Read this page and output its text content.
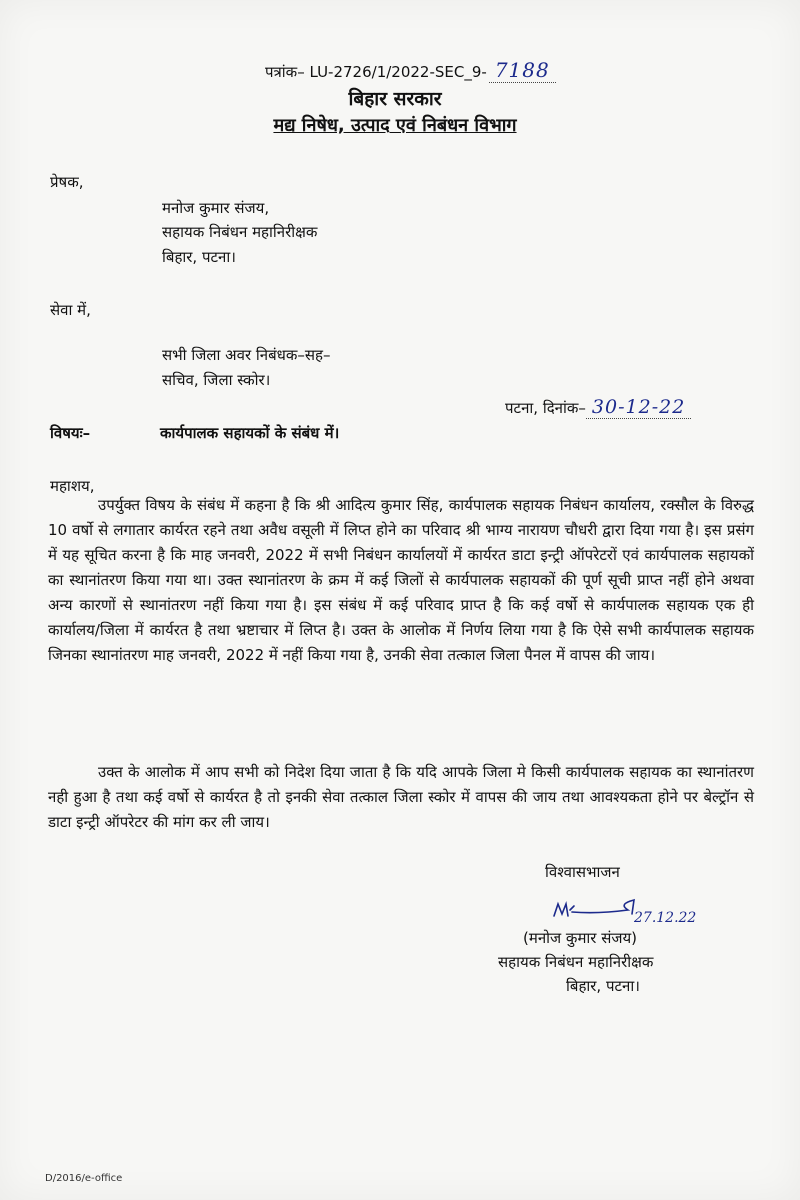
पत्रांक– LU-2726/1/2022-SEC_9- 7188
बिहार सरकार
मद्य निषेध, उत्पाद एवं निबंधन विभाग
प्रेषक,
मनोज कुमार संजय,
सहायक निबंधन महानिरीक्षक
बिहार, पटना।
सेवा में,
सभी जिला अवर निबंधक–सह–
सचिव, जिला स्कोर।
पटना, दिनांक– 30-12-22
विषयः–	कार्यपालक सहायकों के संबंध में।
महाशय,

उपर्युक्त विषय के संबंध में कहना है कि श्री आदित्य कुमार सिंह, कार्यपालक सहायक निबंधन कार्यालय, रक्सौल के विरुद्ध 10 वर्षो से लगातार कार्यरत रहने तथा अवैध वसूली में लिप्त होने का परिवाद श्री भाग्य नारायण चौधरी द्वारा दिया गया है। इस प्रसंग में यह सूचित करना है कि माह जनवरी, 2022 में सभी निबंधन कार्यालयों में कार्यरत डाटा इन्ट्री ऑपरेटरों एवं कार्यपालक सहायकों का स्थानांतरण किया गया था। उक्त स्थानांतरण के क्रम में कई जिलों से कार्यपालक सहायकों की पूर्ण सूची प्राप्त नहीं होने अथवा अन्य कारणों से स्थानांतरण नहीं किया गया है। इस संबंध में कई परिवाद प्राप्त है कि कई वर्षो से कार्यपालक सहायक एक ही कार्यालय/जिला में कार्यरत है तथा भ्रष्टाचार में लिप्त है। उक्त के आलोक में निर्णय लिया गया है कि ऐसे सभी कार्यपालक सहायक जिनका स्थानांतरण माह जनवरी, 2022 में नहीं किया गया है, उनकी सेवा तत्काल जिला पैनल में वापस की जाय।

उक्त के आलोक में आप सभी को निदेश दिया जाता है कि यदि आपके जिला मे किसी कार्यपालक सहायक का स्थानांतरण नही हुआ है तथा कई वर्षो से कार्यरत है तो इनकी सेवा तत्काल जिला स्कोर में वापस की जाय तथा आवश्यकता होने पर बेल्ट्रॉन से डाटा इन्ट्री ऑपरेटर की मांग कर ली जाय।

विश्वासभाजन
27.12.22
(मनोज कुमार संजय)
सहायक निबंधन महानिरीक्षक
बिहार, पटना।
D/2016/e-office
